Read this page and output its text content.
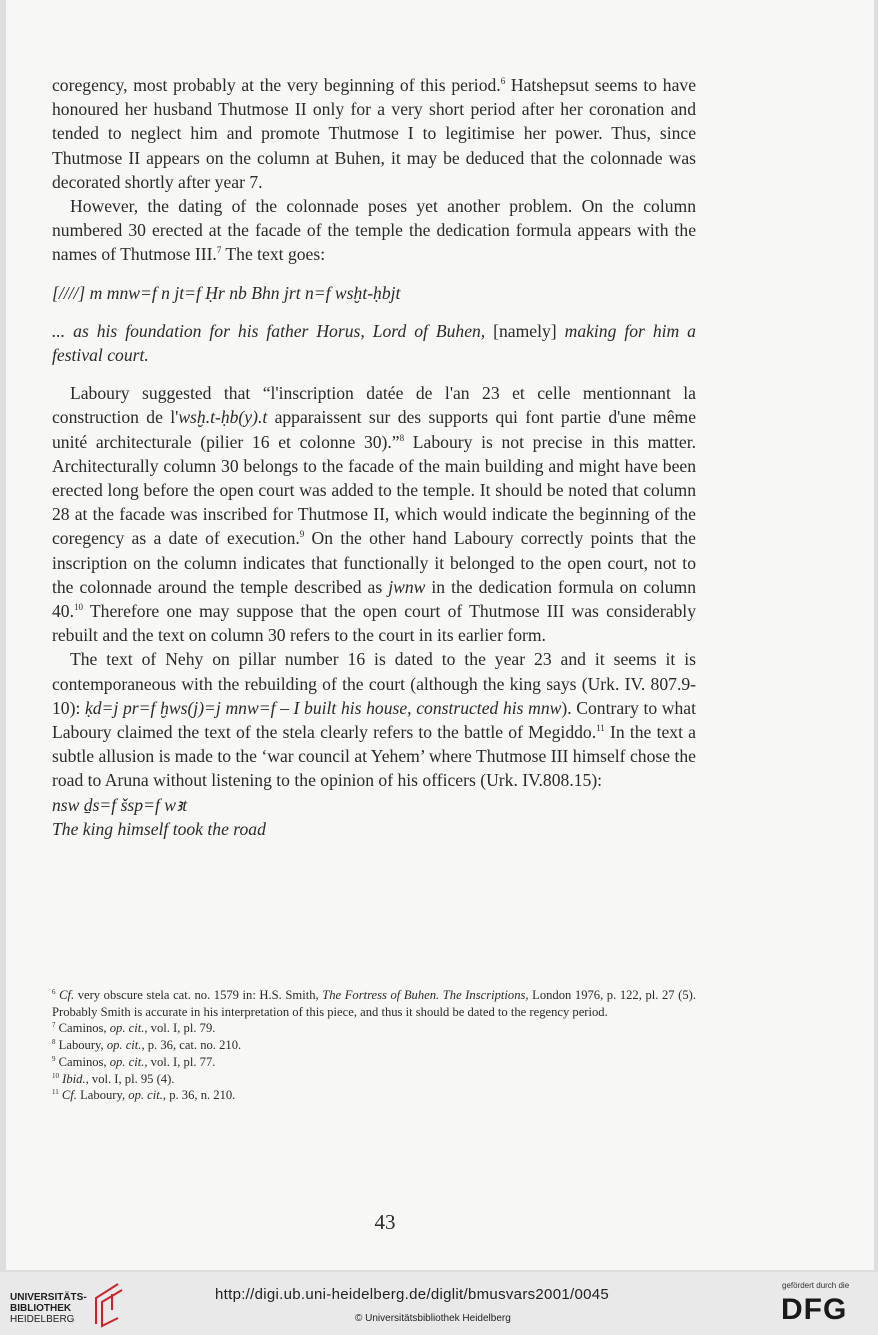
coregency, most probably at the very beginning of this period.$^6$ Hatshepsut seems to have honoured her husband Thutmose II only for a very short period after her coronation and tended to neglect him and promote Thutmose I to legitimise her power. Thus, since Thutmose II appears on the column at Buhen, it may be deduced that the colonnade was decorated shortly after year 7.

However, the dating of the colonnade poses yet another problem. On the column numbered 30 erected at the facade of the temple the dedication formula appears with the names of Thutmose III.$^7$ The text goes:

[////] m mnw=f n jt=f Ḥr nb Bhn jrt n=f wsḫt-ḥbjt

... as his foundation for his father Horus, Lord of Buhen, [namely] making for him a festival court.

Laboury suggested that “l'inscription datée de l'an 23 et celle mentionnant la construction de l'wsḫ.t-ḥb(y).t apparaissent sur des supports qui font partie d'une même unité architecturale (pilier 16 et colonne 30).”$^8$ Laboury is not precise in this matter. Architecturally column 30 belongs to the facade of the main building and might have been erected long before the open court was added to the temple. It should be noted that column 28 at the facade was inscribed for Thutmose II, which would indicate the beginning of the coregency as a date of execution.$^9$ On the other hand Laboury correctly points that the inscription on the column indicates that functionally it belonged to the open court, not to the colonnade around the temple described as jwnw in the dedication formula on column 40.10 Therefore one may suppose that the open court of Thutmose III was considerably rebuilt and the text on column 30 refers to the court in its earlier form.

The text of Nehy on pillar number 16 is dated to the year 23 and it seems it is contemporaneous with the rebuilding of the court (although the king says (Urk. IV. 807.9-10): ḳd=j pr=f ḫws(j)=j mnw=f – I built his house, constructed his mnw). Contrary to what Laboury claimed the text of the stela clearly refers to the battle of Megiddo.$^{11}$ In the text a subtle allusion is made to the ‘war council at Yehem’ where Thutmose III himself chose the road to Aruna without listening to the opinion of his officers (Urk. IV.808.15):

nsw ḏs=f šsp=f wꜣt

The king himself took the road

$^6$ Cf. very obscure stela cat. no. 1579 in: H.S. Smith, The Fortress of Buhen. The Inscriptions, London 1976, p. 122, pl. 27 (5). Probably Smith is accurate in his interpretation of this piece, and thus it should be dated to the regency period.

$^7$ Caminos, op. cit., vol. I, pl. 79.

$^8$ Laboury, op. cit., p. 36, cat. no. 210.

$^9$ Caminos, op. cit., vol. I, pl. 77.

$^{10}$ Ibid., vol. I, pl. 95 (4).

$^{11}$ Cf. Laboury, op. cit., p. 36, n. 210.

43
UNIVERSITÄTS-
BIBLIOTHEK
HEIDELBERG
http://digi.ub.uni-heidelberg.de/diglit/bmusvars2001/0045
© Universitätsbibliothek Heidelberg
gefördert durch die
DFG
